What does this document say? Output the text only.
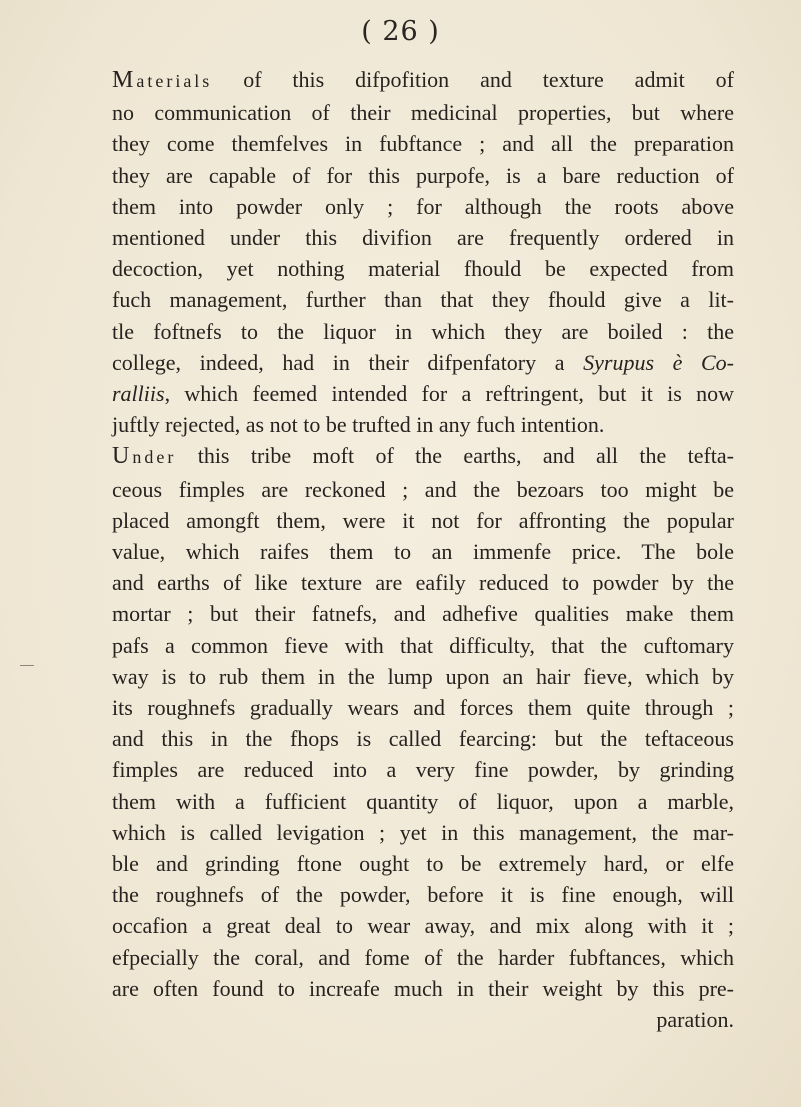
( 26 )
Materials of this difpofition and texture admit of
no communication of their medicinal properties, but where
they come themfelves in fubftance ; and all the preparation
they are capable of for this purpofe, is a bare reduction of
them into powder only ; for although the roots above
mentioned under this divifion are frequently ordered in
decoction, yet nothing material fhould be expected from
fuch management, further than that they fhould give a lit-
tle foftnefs to the liquor in which they are boiled : the
college, indeed, had in their difpenfatory a Syrupus è Co-
ralliis, which feemed intended for a reftringent, but it is now
juftly rejected, as not to be trufted in any fuch intention.
Under this tribe moft of the earths, and all the tefta-
ceous fimples are reckoned ; and the bezoars too might be
placed amongft them, were it not for affronting the popular
value, which raifes them to an immenfe price. The bole
and earths of like texture are eafily reduced to powder by the
mortar ; but their fatnefs, and adhefive qualities make them
pafs a common fieve with that difficulty, that the cuftomary
way is to rub them in the lump upon an hair fieve, which by
its roughnefs gradually wears and forces them quite through ;
and this in the fhops is called fearcing: but the teftaceous
fimples are reduced into a very fine powder, by grinding
them with a fufficient quantity of liquor, upon a marble,
which is called levigation ; yet in this management, the mar-
ble and grinding ftone ought to be extremely hard, or elfe
the roughnefs of the powder, before it is fine enough, will
occafion a great deal to wear away, and mix along with it ;
efpecially the coral, and fome of the harder fubftances, which
are often found to increafe much in their weight by this pre-
paration.
